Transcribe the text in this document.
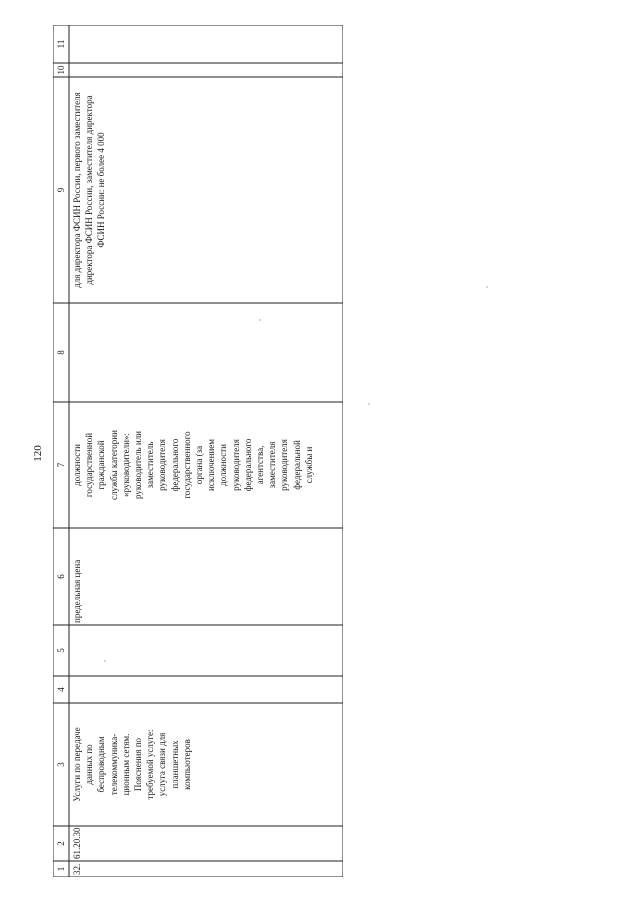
120
1
2
3
4
5
6
7
8
9
10
11
32.
61.20.30
Услуги по передаче данных по беспроводным телекоммуника- ционным сетям. Пояснения по требуемой услуге: услуга связи для планшетных компьютеров
предельная цена
должности государственной гражданской службы категории «руководители»: руководитель или заместитель руководителя федерального государственного органа (за исключением должности руководителя федерального агентства, заместителя руководителя федеральной службы и
для директора ФСИН России, первого заместителя директора ФСИН России, заместителя директора ФСИН России: не более 4 000
